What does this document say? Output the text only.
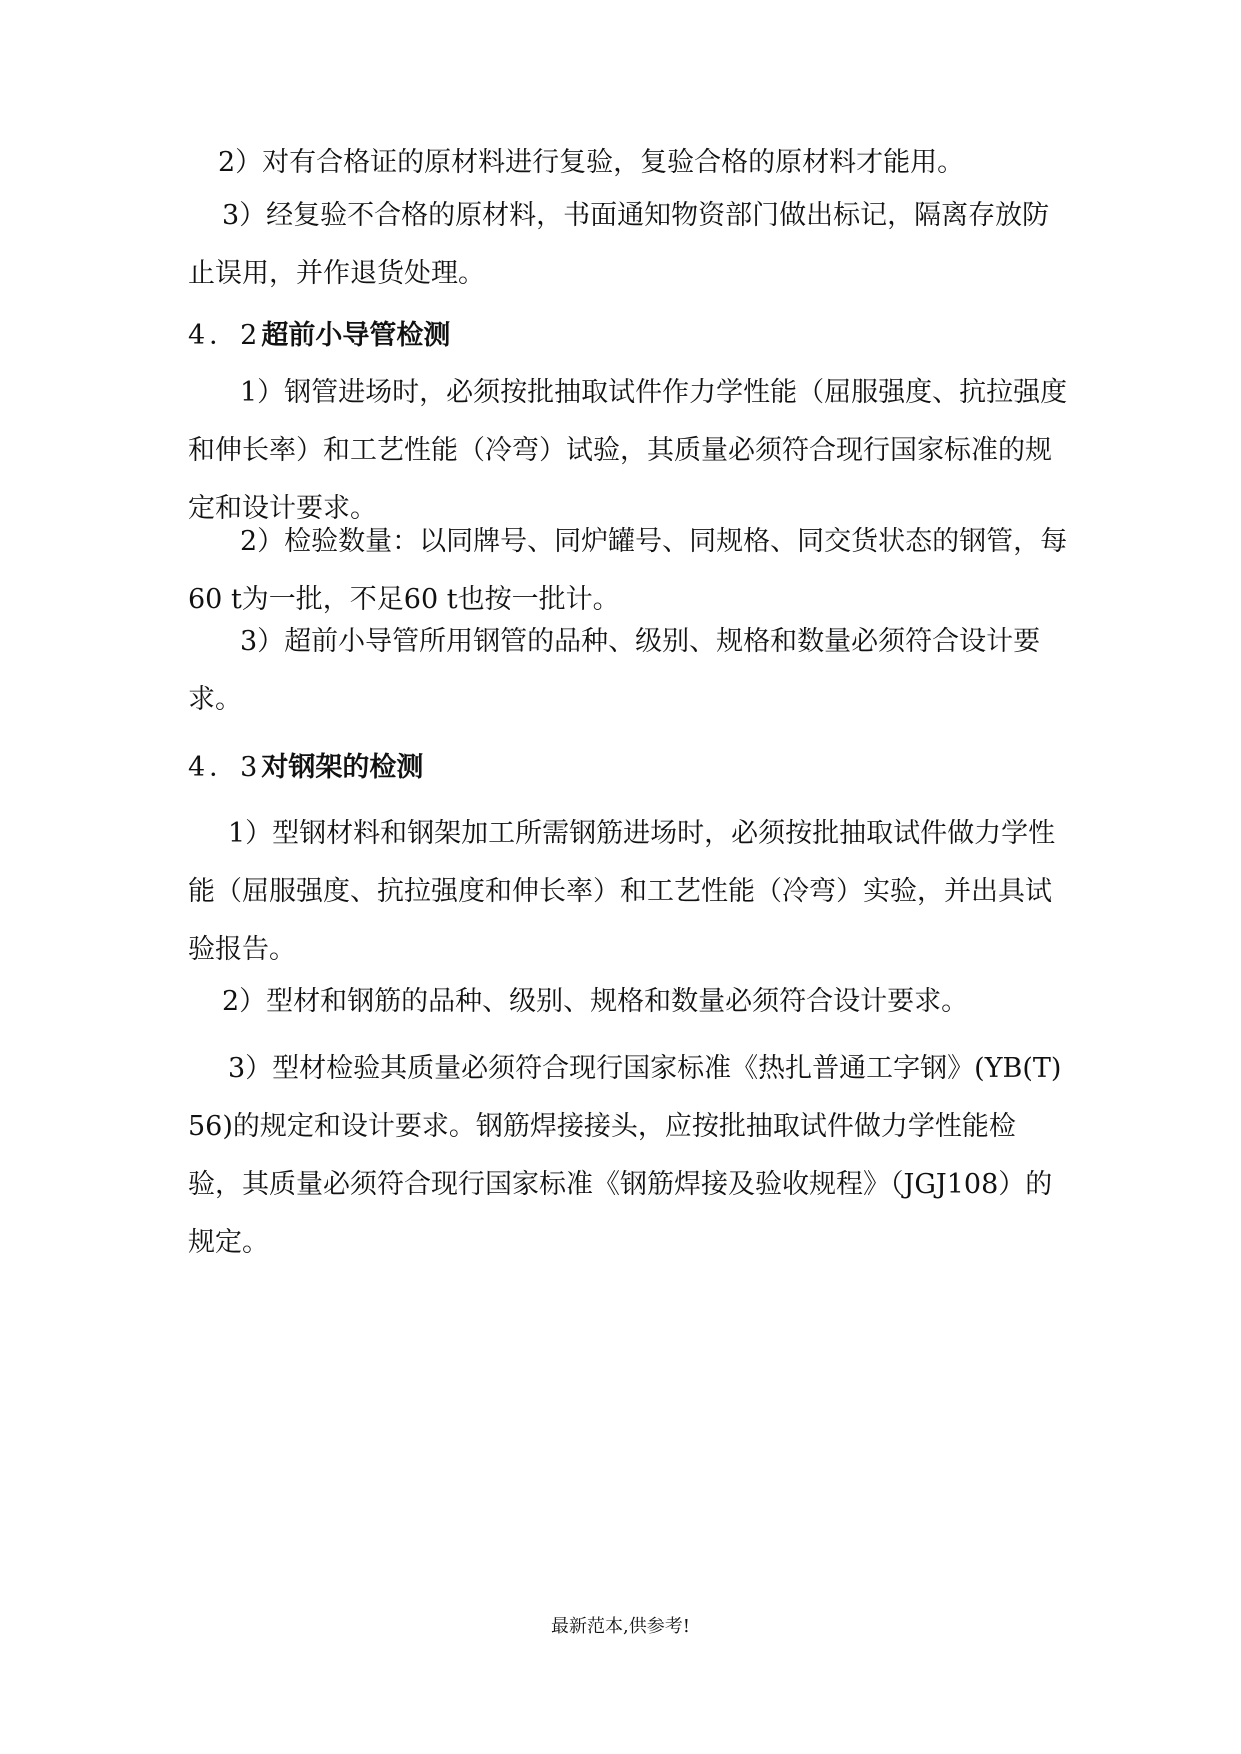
2）对有合格证的原材料进行复验，复验合格的原材料才能用。

3）经复验不合格的原材料，书面通知物资部门做出标记，隔离存放防止误用，并作退货处理。

4．2超前小导管检测

1）钢管进场时，必须按批抽取试件作力学性能（屈服强度、抗拉强度和伸长率）和工艺性能（冷弯）试验，其质量必须符合现行国家标准的规定和设计要求。

2）检验数量：以同牌号、同炉罐号、同规格、同交货状态的钢管，每60 t为一批，不足60 t也按一批计。

3）超前小导管所用钢管的品种、级别、规格和数量必须符合设计要求。

4．3对钢架的检测

1）型钢材料和钢架加工所需钢筋进场时，必须按批抽取试件做力学性能（屈服强度、抗拉强度和伸长率）和工艺性能（冷弯）实验，并出具试验报告。

2）型材和钢筋的品种、级别、规格和数量必须符合设计要求。

3）型材检验其质量必须符合现行国家标准《热扎普通工字钢》(YB(T)56)的规定和设计要求。钢筋焊接接头，应按批抽取试件做力学性能检验，其质量必须符合现行国家标准《钢筋焊接及验收规程》（JGJ108）的规定。

最新范本,供参考!
